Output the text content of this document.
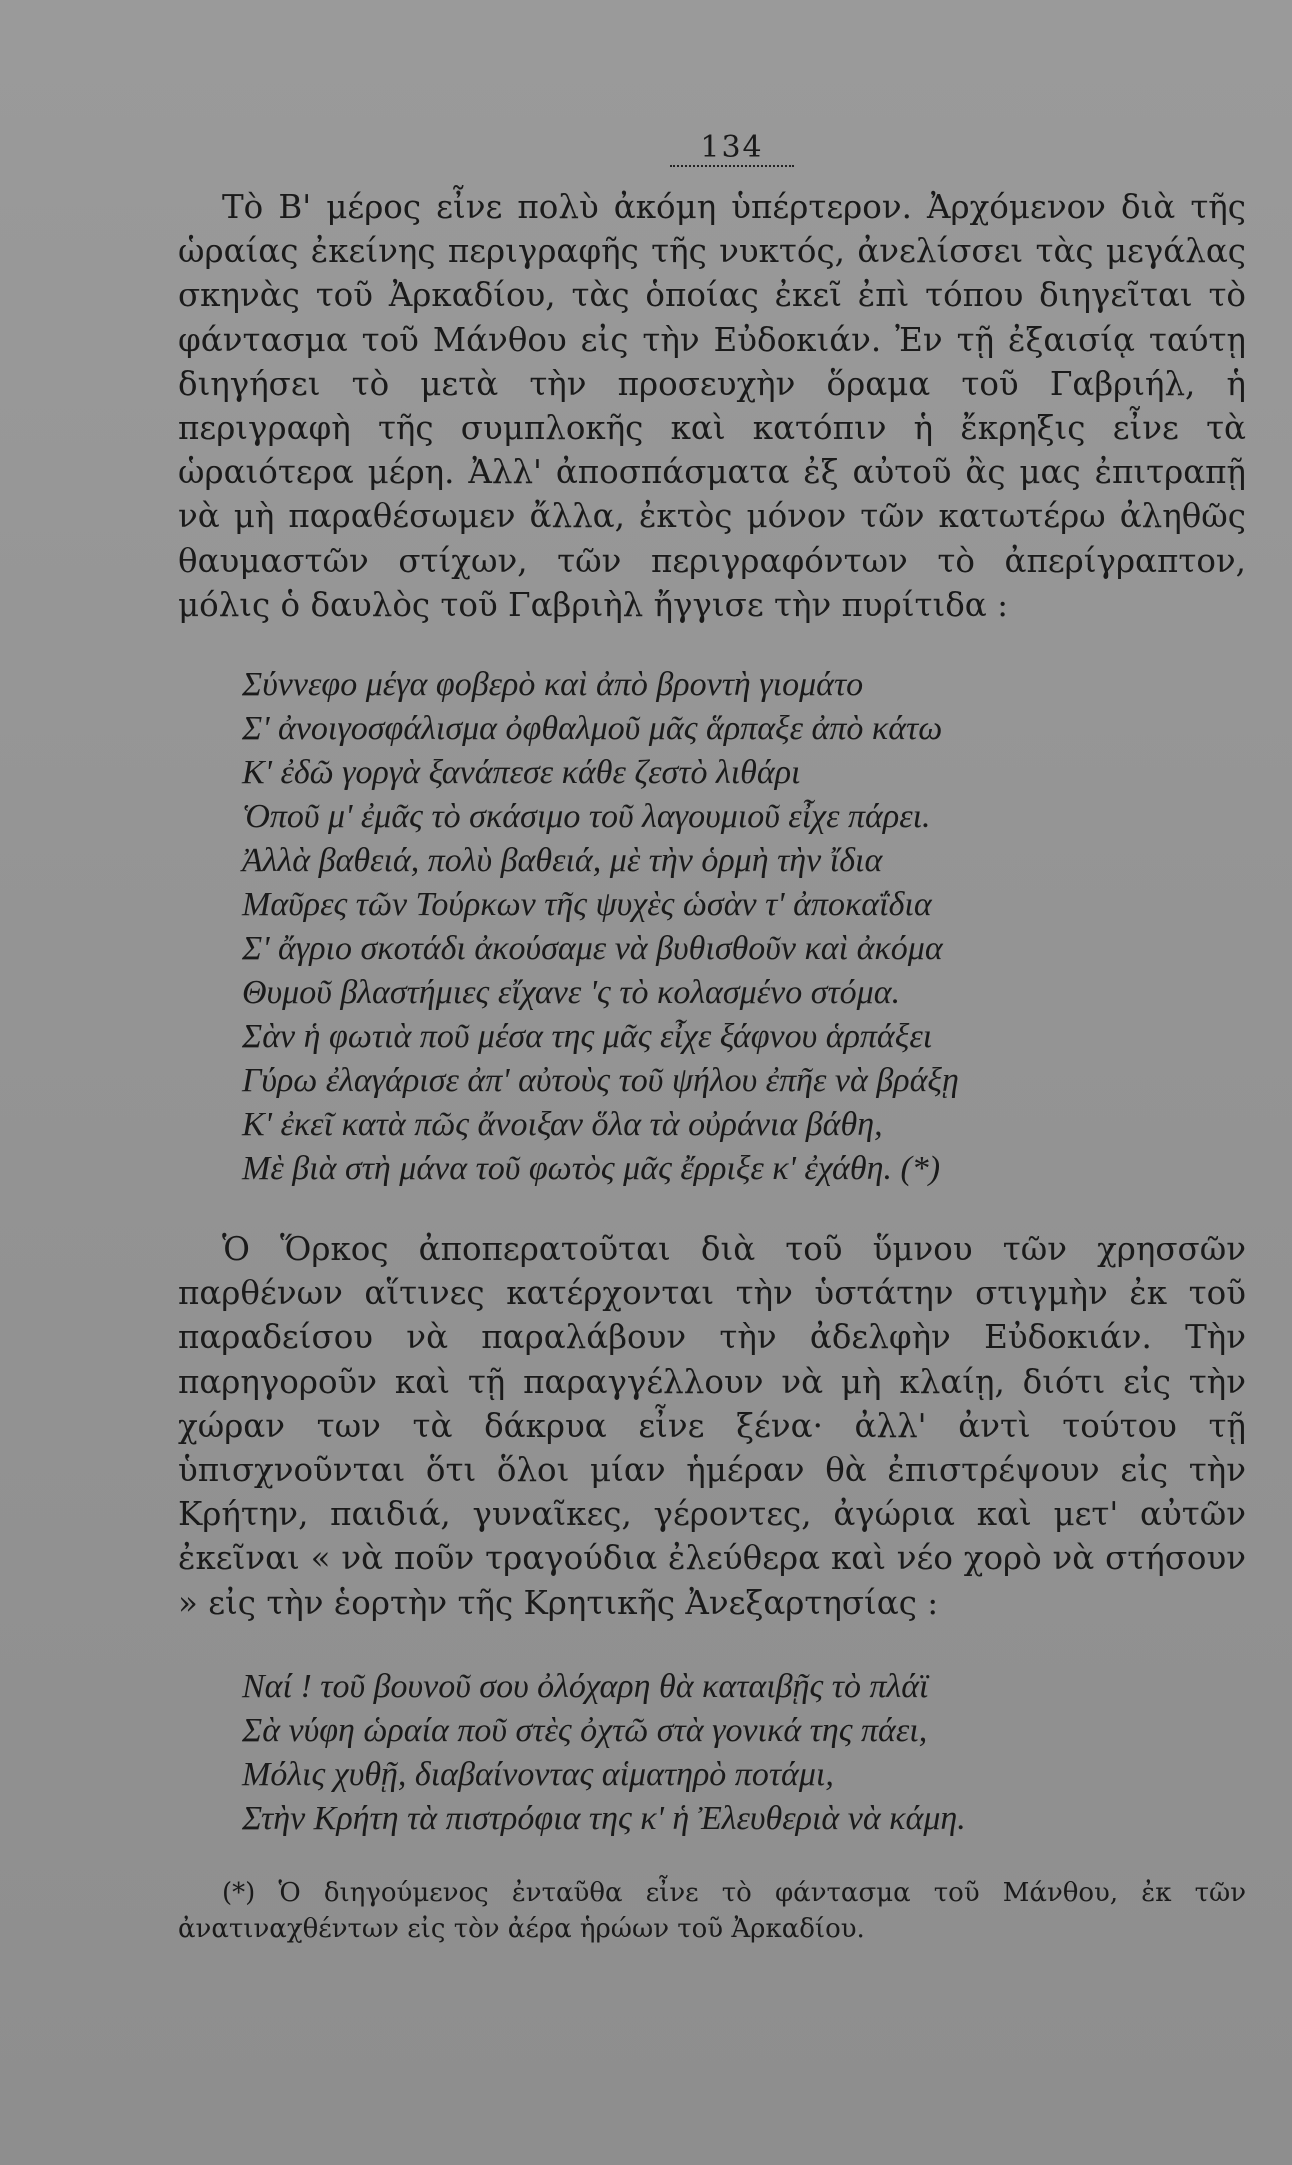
134

Τὸ Β' μέρος εἶνε πολὺ ἀκόμη ὑπέρτερον. Ἀρχόμενον διὰ τῆς ὡραίας ἐκείνης περιγραφῆς τῆς νυκτός, ἀνελίσσει τὰς μεγάλας σκηνὰς τοῦ Ἀρκαδίου, τὰς ὁποίας ἐκεῖ ἐπὶ τόπου διηγεῖται τὸ φάντασμα τοῦ Μάνθου εἰς τὴν Εὐδοκιάν. Ἐν τῇ ἐξαισίᾳ ταύτῃ διηγήσει τὸ μετὰ τὴν προσευχὴν ὅραμα τοῦ Γαβριήλ, ἡ περιγραφὴ τῆς συμπλοκῆς καὶ κατόπιν ἡ ἔκρηξις εἶνε τὰ ὡραιότερα μέρη. Ἀλλ' ἀποσπάσματα ἐξ αὐτοῦ ἂς μας ἐπιτραπῇ νὰ μὴ παραθέσωμεν ἄλλα, ἐκτὸς μόνον τῶν κατωτέρω ἀληθῶς θαυμαστῶν στίχων, τῶν περιγραφόντων τὸ ἀπερίγραπτον, μόλις ὁ δαυλὸς τοῦ Γαβριὴλ ἤγγισε τὴν πυρίτιδα :

Σύννεφο μέγα φοβερὸ καὶ ἀπὸ βροντὴ γιομάτο
Σ' ἀνοιγοσφάλισμα ὀφθαλμοῦ μᾶς ἅρπαξε ἀπὸ κάτω
Κ' ἐδῶ γοργὰ ξανάπεσε κάθε ζεστὸ λιθάρι
Ὁποῦ μ' ἐμᾶς τὸ σκάσιμο τοῦ λαγουμιοῦ εἶχε πάρει.
Ἀλλὰ βαθειά, πολὺ βαθειά, μὲ τὴν ὁρμὴ τὴν ἴδια
Μαῦρες τῶν Τούρκων τῆς ψυχὲς ὡσὰν τ' ἀποκαΐδια
Σ' ἄγριο σκοτάδι ἀκούσαμε νὰ βυθισθοῦν καὶ ἀκόμα
Θυμοῦ βλαστήμιες εἴχανε 'ς τὸ κολασμένο στόμα.
Σὰν ἡ φωτιὰ ποῦ μέσα της μᾶς εἶχε ξάφνου ἁρπάξει
Γύρω ἐλαγάρισε ἀπ' αὐτοὺς τοῦ ψήλου ἐπῆε νὰ βράξῃ
Κ' ἐκεῖ κατὰ πῶς ἄνοιξαν ὅλα τὰ οὐράνια βάθη,
Μὲ βιὰ στὴ μάνα τοῦ φωτὸς μᾶς ἔρριξε κ' ἐχάθη. (*)

Ὁ Ὅρκος ἀποπερατοῦται διὰ τοῦ ὕμνου τῶν χρησσῶν παρθένων αἵτινες κατέρχονται τὴν ὑστάτην στιγμὴν ἐκ τοῦ παραδείσου νὰ παραλάβουν τὴν ἀδελφὴν Εὐδοκιάν. Τὴν παρηγοροῦν καὶ τῇ παραγγέλλουν νὰ μὴ κλαίῃ, διότι εἰς τὴν χώραν των τὰ δάκρυα εἶνε ξένα· ἀλλ' ἀντὶ τούτου τῇ ὑπισχνοῦνται ὅτι ὅλοι μίαν ἡμέραν θὰ ἐπιστρέψουν εἰς τὴν Κρήτην, παιδιά, γυναῖκες, γέροντες, ἀγώρια καὶ μετ' αὐτῶν ἐκεῖναι « νὰ ποῦν τραγούδια ἐλεύθερα καὶ νέο χορὸ νὰ στήσουν » εἰς τὴν ἑορτὴν τῆς Κρητικῆς Ἀνεξαρτησίας :

Ναί ! τοῦ βουνοῦ σου ὀλόχαρη θὰ καταιβῇς τὸ πλάϊ
Σὰ νύφη ὡραία ποῦ στὲς ὀχτῶ στὰ γονικά της πάει,
Μόλις χυθῇ, διαβαίνοντας αἱματηρὸ ποτάμι,
Στὴν Κρήτη τὰ πιστρόφια της κ' ἡ Ἐλευθεριὰ νὰ κάμη.

(*) Ὁ διηγούμενος ἐνταῦθα εἶνε τὸ φάντασμα τοῦ Μάνθου, ἐκ τῶν ἀνατιναχθέντων εἰς τὸν ἀέρα ἡρώων τοῦ Ἀρκαδίου.
